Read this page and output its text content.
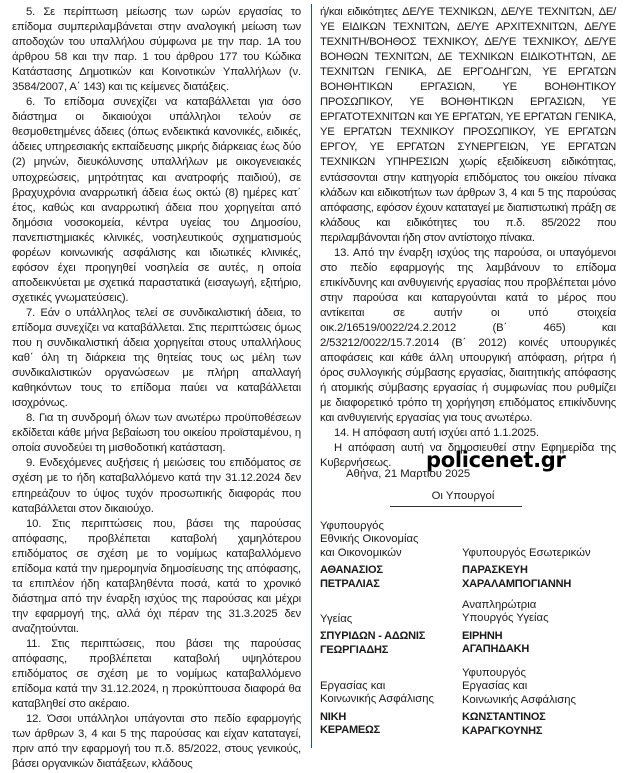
5. Σε περίπτωση μείωσης των ωρών εργασίας το επίδομα συμπεριλαμβάνεται στην αναλογική μείωση των αποδοχών του υπαλλήλου σύμφωνα με την παρ. 1Α του άρθρου 58 και την παρ. 1 του άρθρου 177 του Κώδικα Κατάστασης Δημοτικών και Κοινοτικών Υπαλλήλων (ν. 3584/2007, Α΄ 143) και τις κείμενες διατάξεις.

6. Το επίδομα συνεχίζει να καταβάλλεται για όσο διάστημα οι δικαιούχοι υπάλληλοι τελούν σε θεσμοθετημένες άδειες (όπως ενδεικτικά κανονικές, ειδικές, άδειες υπηρεσιακής εκπαίδευσης μικρής διάρκειας έως δύο (2) μηνών, διευκόλυνσης υπαλλήλων με οικογενειακές υποχρεώσεις, μητρότητας και ανατροφής παιδιού), σε βραχυχρόνια αναρρωτική άδεια έως οκτώ (8) ημέρες κατ΄ έτος, καθώς και αναρρωτική άδεια που χορηγείται από δημόσια νοσοκομεία, κέντρα υγείας του Δημοσίου, πανεπιστημιακές κλινικές, νοσηλευτικούς σχηματισμούς φορέων κοινωνικής ασφάλισης και ιδιωτικές κλινικές, εφόσον έχει προηγηθεί νοσηλεία σε αυτές, η οποία αποδεικνύεται με σχετικά παραστατικά (εισαγωγή, εξιτήριο, σχετικές γνωματεύσεις).

7. Εάν ο υπάλληλος τελεί σε συνδικαλιστική άδεια, το επίδομα συνεχίζει να καταβάλλεται. Στις περιπτώσεις όμως που η συνδικαλιστική άδεια χορηγείται στους υπαλλήλους καθ΄ όλη τη διάρκεια της θητείας τους ως μέλη των συνδικαλιστικών οργανώσεων με πλήρη απαλλαγή καθηκόντων τους το επίδομα παύει να καταβάλλεται ισοχρόνως.

8. Για τη συνδρομή όλων των ανωτέρω προϋποθέσεων εκδίδεται κάθε μήνα βεβαίωση του οικείου προϊσταμένου, η οποία συνοδεύει τη μισθοδοτική κατάσταση.

9. Ενδεχόμενες αυξήσεις ή μειώσεις του επιδόματος σε σχέση με το ήδη καταβαλλόμενο κατά την 31.12.2024 δεν επηρεάζουν το ύψος τυχόν προσωπικής διαφοράς που καταβάλλεται στον δικαιούχο.

10. Στις περιπτώσεις που, βάσει της παρούσας απόφασης, προβλέπεται καταβολή χαμηλότερου επιδόματος σε σχέση με το νομίμως καταβαλλόμενο επίδομα κατά την ημερομηνία δημοσίευσης της απόφασης, τα επιπλέον ήδη καταβληθέντα ποσά, κατά το χρονικό διάστημα από την έναρξη ισχύος της παρούσας και μέχρι την εφαρμογή της, αλλά όχι πέραν της 31.3.2025 δεν αναζητούνται.

11. Στις περιπτώσεις, που βάσει της παρούσας απόφασης, προβλέπεται καταβολή υψηλότερου επιδόματος σε σχέση με το νομίμως καταβαλλόμενο επίδομα κατά την 31.12.2024, η προκύπτουσα διαφορά θα καταβληθεί στο ακέραιο.

12. Όσοι υπάλληλοι υπάγονται στο πεδίο εφαρμογής των άρθρων 3, 4 και 5 της παρούσας και είχαν καταταγεί, πριν από την εφαρμογή του π.δ. 85/2022, στους γενικούς, βάσει οργανικών διατάξεων, κλάδους

ή/και ειδικότητες ΔΕ/ΥΕ ΤΕΧΝΙΚΩΝ, ΔΕ/ΥΕ ΤΕΧΝΙΤΩΝ, ΔΕ/ΥΕ ΕΙΔΙΚΩΝ ΤΕΧΝΙΤΩΝ, ΔΕ/ΥΕ ΑΡΧΙΤΕΧΝΙΤΩΝ, ΔΕ/ΥΕ ΤΕΧΝΙΤΗ/ΒΟΗΘΟΣ ΤΕΧΝΙΚΟΥ, ΔΕ/ΥΕ ΤΕΧΝΙΚΟΥ, ΔΕ/ΥΕ ΒΟΗΘΩΝ ΤΕΧΝΙΤΩΝ, ΔΕ ΤΕΧΝΙΚΩΝ ΕΙΔΙΚΟΤΗΤΩΝ, ΔΕ ΤΕΧΝΙΤΩΝ ΓΕΝΙΚΑ, ΔΕ ΕΡΓΟΔΗΓΩΝ, ΥΕ ΕΡΓΑΤΩΝ ΒΟΗΘΗΤΙΚΩΝ ΕΡΓΑΣΙΩΝ, ΥΕ ΒΟΗΘΗΤΙΚΟΥ ΠΡΟΣΩΠΙΚΟΥ, ΥΕ ΒΟΗΘΗΤΙΚΩΝ ΕΡΓΑΣΙΩΝ, ΥΕ ΕΡΓΑΤΟΤΕΧΝΙΤΩΝ και ΥΕ ΕΡΓΑΤΩΝ, ΥΕ ΕΡΓΑΤΩΝ ΓΕΝΙΚΑ, ΥΕ ΕΡΓΑΤΩΝ ΤΕΧΝΙΚΟΥ ΠΡΟΣΩΠΙΚΟΥ, ΥΕ ΕΡΓΑΤΩΝ ΕΡΓΟΥ, ΥΕ ΕΡΓΑΤΩΝ ΣΥΝΕΡΓΕΙΩΝ, ΥΕ ΕΡΓΑΤΩΝ ΤΕΧΝΙΚΩΝ ΥΠΗΡΕΣΙΩΝ χωρίς εξειδίκευση ειδικότητας, εντάσσονται στην κατηγορία επιδόματος του οικείου πίνακα κλάδων και ειδικοτήτων των άρθρων 3, 4 και 5 της παρούσας απόφασης, εφόσον έχουν καταταγεί με διαπιστωτική πράξη σε κλάδους και ειδικότητες του π.δ. 85/2022 που περιλαμβάνονται ήδη στον αντίστοιχο πίνακα.

13. Από την έναρξη ισχύος της παρούσα, οι υπαγόμενοι στο πεδίο εφαρμογής της λαμβάνουν το επίδομα επικίνδυνης και ανθυγιεινής εργασίας που προβλέπεται μόνο στην παρούσα και καταργούνται κατά το μέρος που αντίκειται σε αυτήν οι υπό στοιχεία οικ.2/16519/0022/24.2.2012 (Β΄ 465) και 2/53212/0022/15.7.2014 (Β΄ 2012) κοινές υπουργικές αποφάσεις και κάθε άλλη υπουργική απόφαση, ρήτρα ή όρος συλλογικής σύμβασης εργασίας, διαιτητικής απόφασης ή ατομικής σύμβασης εργασίας ή συμφωνίας που ρυθμίζει με διαφορετικό τρόπο τη χορήγηση επιδόματος επικίνδυνης και ανθυγιεινής εργασίας για τους ανωτέρω.

14. Η απόφαση αυτή ισχύει από 1.1.2025.

Η απόφαση αυτή να δημοσιευθεί στην Εφημερίδα της Κυβερνήσεως.	policenet.gr
Αθήνα, 21 Μαρτίου 2025
Οι Υπουργοί

Υφυπουργός
Εθνικής Οικονομίας
και Οικονομικών

ΑΘΑΝΑΣΙΟΣ
ΠΕΤΡΑΛΙΑΣ

Υφυπουργός Εσωτερικών

ΠΑΡΑΣΚΕΥΗ
ΧΑΡΑΛΑΜΠΟΓΙΑΝΝΗ

Υγείας

ΣΠΥΡΙΔΩΝ - ΑΔΩΝΙΣ
ΓΕΩΡΓΙΑΔΗΣ

Αναπληρώτρια
Υπουργός Υγείας

ΕΙΡΗΝΗ
ΑΓΑΠΗΔΑΚΗ

Εργασίας και
Κοινωνικής Ασφάλισης

ΝΙΚΗ
ΚΕΡΑΜΕΩΣ

Υφυπουργός
Εργασίας και
Κοινωνικής Ασφάλισης

ΚΩΝΣΤΑΝΤΙΝΟΣ
ΚΑΡΑΓΚΟΥΝΗΣ
